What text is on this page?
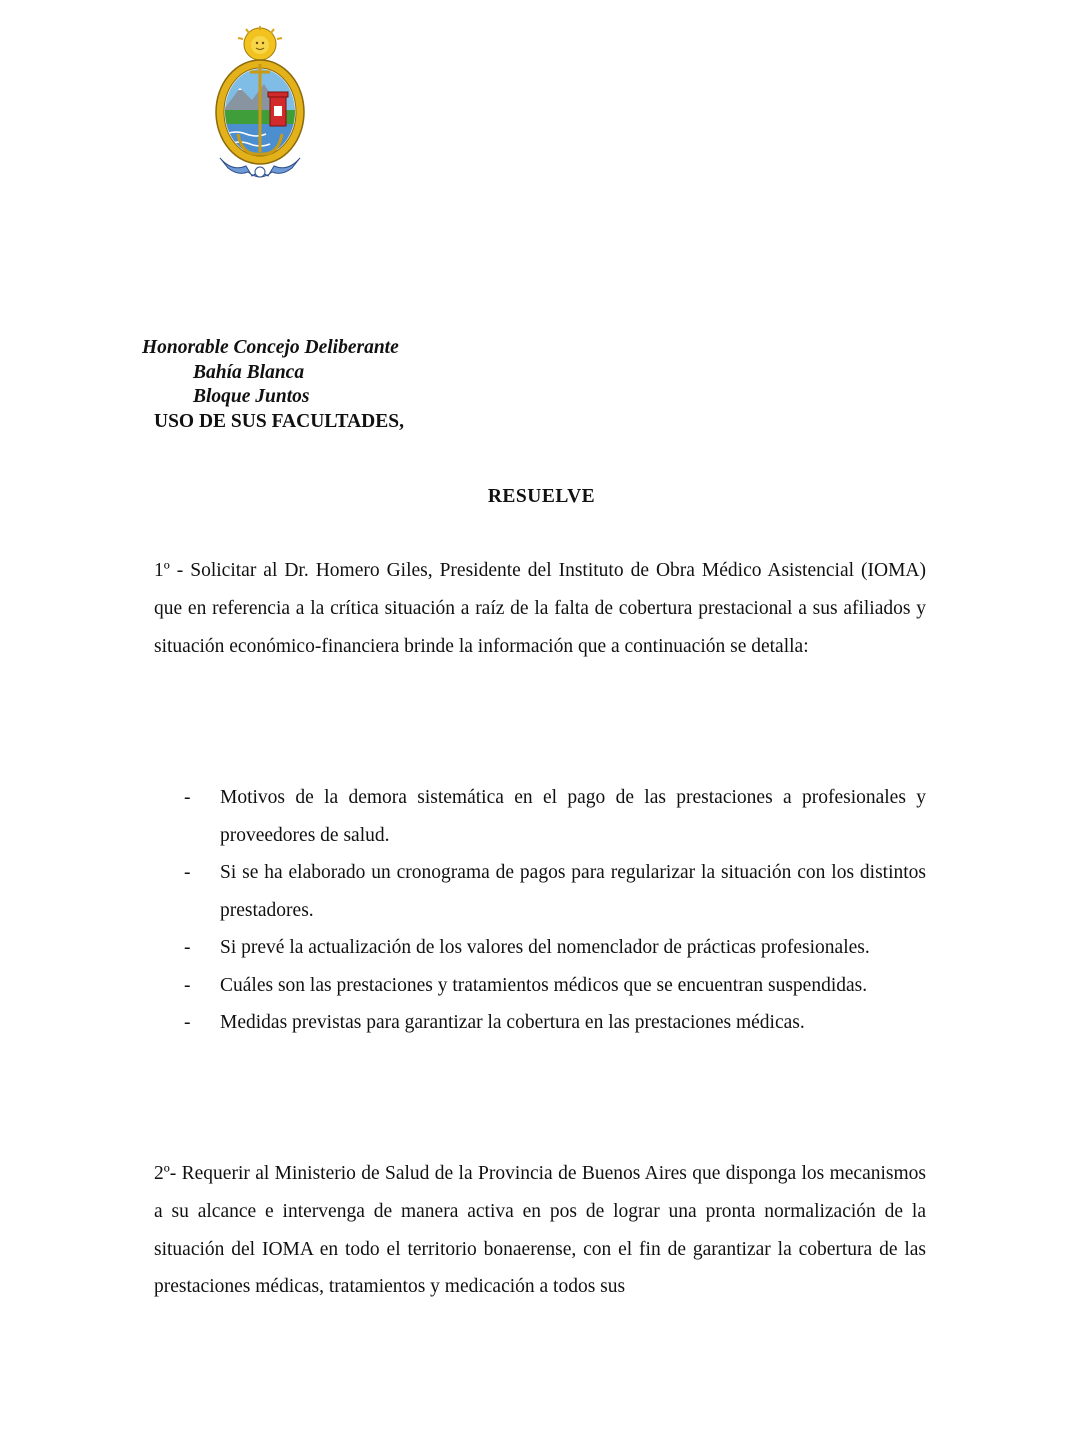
Honorable Concejo Deliberante
Bahía Blanca
Bloque Juntos
USO DE SUS FACULTADES,
RESUELVE

1º - Solicitar al Dr. Homero Giles, Presidente del Instituto de Obra Médico Asistencial (IOMA) que en referencia a la crítica situación a raíz de la falta de cobertura prestacional a sus afiliados y situación económico-financiera brinde la información que a continuación se detalla:

- Motivos de la demora sistemática en el pago de las prestaciones a profesionales y proveedores de salud.
- Si se ha elaborado un cronograma de pagos para regularizar la situación con los distintos prestadores.
- Si prevé la actualización de los valores del nomenclador de prácticas profesionales.
- Cuáles son las prestaciones y tratamientos médicos que se encuentran suspendidas.
- Medidas previstas para garantizar la cobertura en las prestaciones médicas.

2º- Requerir al Ministerio de Salud de la Provincia de Buenos Aires que disponga los mecanismos a su alcance e intervenga de manera activa en pos de lograr una pronta normalización de la situación del IOMA en todo el territorio bonaerense, con el fin de garantizar la cobertura de las prestaciones médicas, tratamientos y medicación a todos sus
